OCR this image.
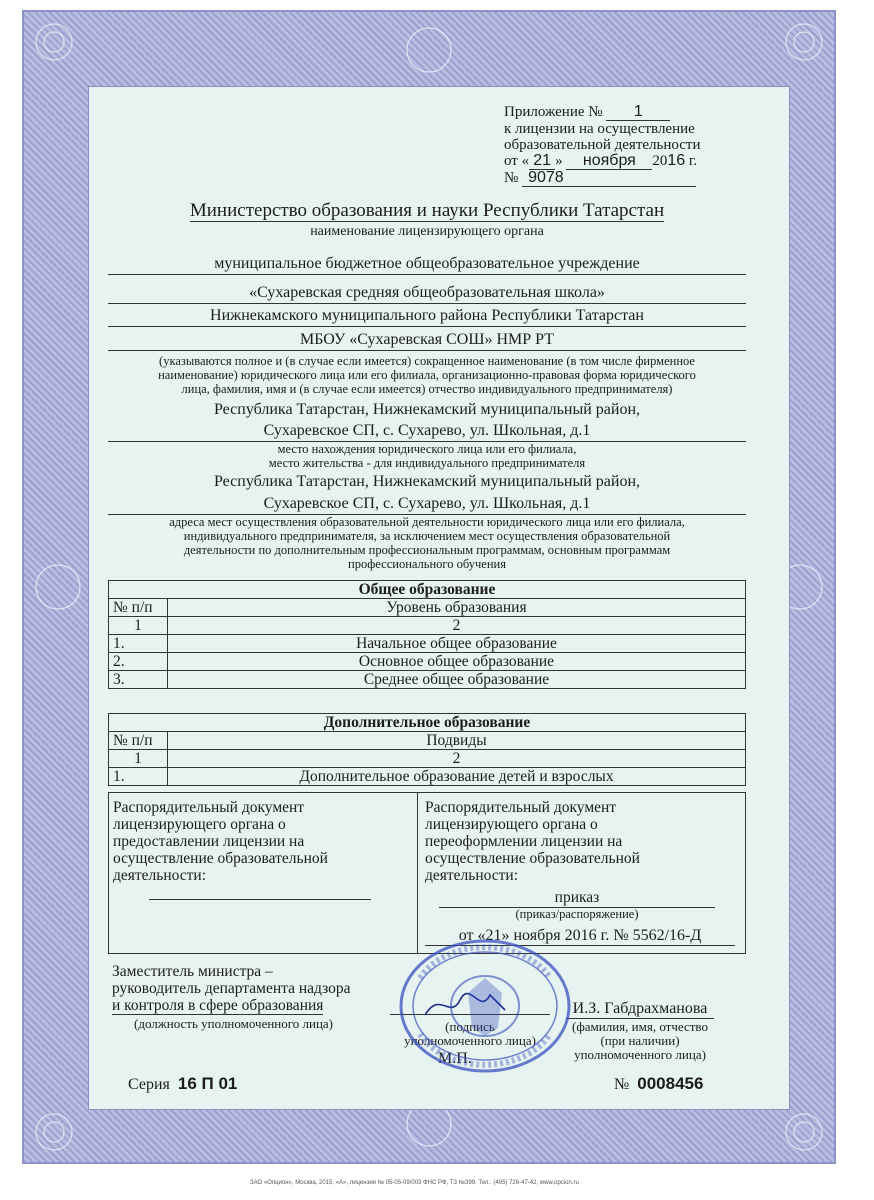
Приложение № 1
к лицензии на осуществление
образовательной деятельности
от « 21 » ноября 2016 г.
№ 9078
Министерство образования и науки Республики Татарстан
наименование лицензирующего органа
муниципальное бюджетное общеобразовательное учреждение
«Сухаревская средняя общеобразовательная школа»
Нижнекамского муниципального района Республики Татарстан
МБОУ «Сухаревская СОШ» НМР РТ
(указываются полное и (в случае если имеется) сокращенное наименование (в том числе фирменное
наименование) юридического лица или его филиала, организационно-правовая форма юридического
лица, фамилия, имя и (в случае если имеется) отчество индивидуального предпринимателя)
Республика Татарстан, Нижнекамский муниципальный район,
Сухаревское СП, с. Сухарево, ул. Школьная, д.1
место нахождения юридического лица или его филиала,
место жительства - для индивидуального предпринимателя
Республика Татарстан, Нижнекамский муниципальный район,
Сухаревское СП, с. Сухарево, ул. Школьная, д.1
адреса мест осуществления образовательной деятельности юридического лица или его филиала,
индивидуального предпринимателя, за исключением мест осуществления образовательной
деятельности по дополнительным профессиональным программам, основным программам
профессионального обучения
Общее образование	
№ п/п	Уровень образования
1	2
1.	Начальное общее образование
2.	Основное общее образование
3.	Среднее общее образование
Дополнительное образование	
№ п/п	Подвиды
1	2
1.	Дополнительное образование детей и взрослых
Распорядительный документ
лицензирующего органа о
предоставлении лицензии на
осуществление образовательной
деятельности:
Распорядительный документ
лицензирующего органа о
переоформлении лицензии на
осуществление образовательной
деятельности:
приказ
(приказ/распоряжение)
от «21» ноября 2016 г. № 5562/16-Д
Заместитель министра –
руководитель департамента надзора
и контроля в сфере образования
(должность уполномоченного лица)	(подпись
уполномоченного лица)
М.П.
И.З. Габдрахманова
(фамилия, имя, отчество
(при наличии)
уполномоченного лица)
Серия 16 П 01	№ 0008456
ЗАО «Опцион», Москва, 2015, «А», лицензия № 05-05-09/003 ФНС РФ, ТЗ №399. Тел.: (495) 726-47-42, www.opcion.ru
